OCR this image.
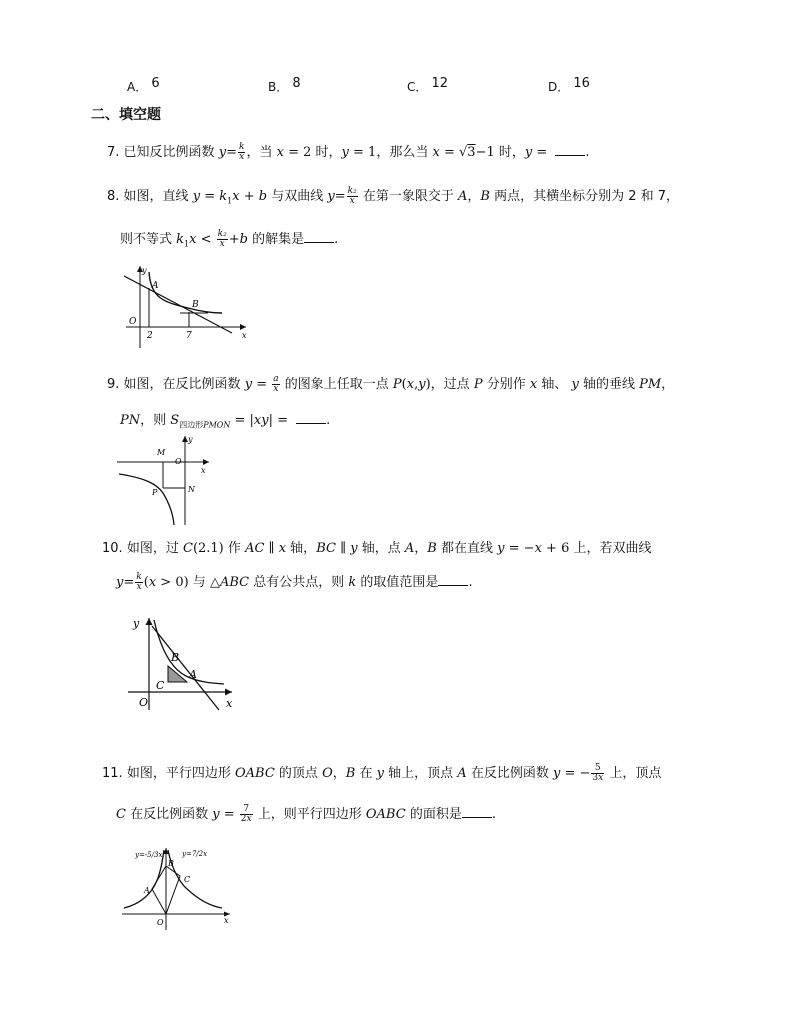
A． 6	B． 8	C． 12	D． 16
二、填空题
7. 已知反比例函数 $y= \frac{k}{x}$ ，当 x = 2 时，y = 1，那么当 x = √3−1 时，y =	.
8. 如图，直线 $y = k_1x + b$ 与双曲线 $y= \frac{\text{k₂}}{x}$ 在第一象限交于 A，B 两点，其横坐标分别为 2 和 7，
则不等式 $k_1x < \frac{\text{k₂}}{x} +b$ 的解集是 .
y
x
A
B
O
2	7
9. 如图，在反比例函数 $y = \frac{a}{x}$ 的图象上任取一点 P(x,y)，过点 P 分别作 x 轴、 y 轴的垂线 PM，
PN，则 $S_{四边形PMON} = |xy|$ =	.
y
x
M
O
P	N
10. 如图，过 C(2.1) 作 AC ∥ x 轴，BC ∥ y 轴，点 A，B 都在直线 y = −x + 6 上，若双曲线
$y= \frac{k}{x} (x > 0)$ 与 △ABC 总有公共点，则 k 的取值范围是 .
y
x
B
A
C
O
11. 如图，平行四边形 OABC 的顶点 O，B 在 y 轴上，顶点 A 在反比例函数 y = − $\frac{5}{3x}$ 上，顶点
C 在反比例函数 $y = \frac{7}{2x}$ 上，则平行四边形 OABC 的面积是 .
y=-5/3x	y=7/2x
B
A
C
O	x
